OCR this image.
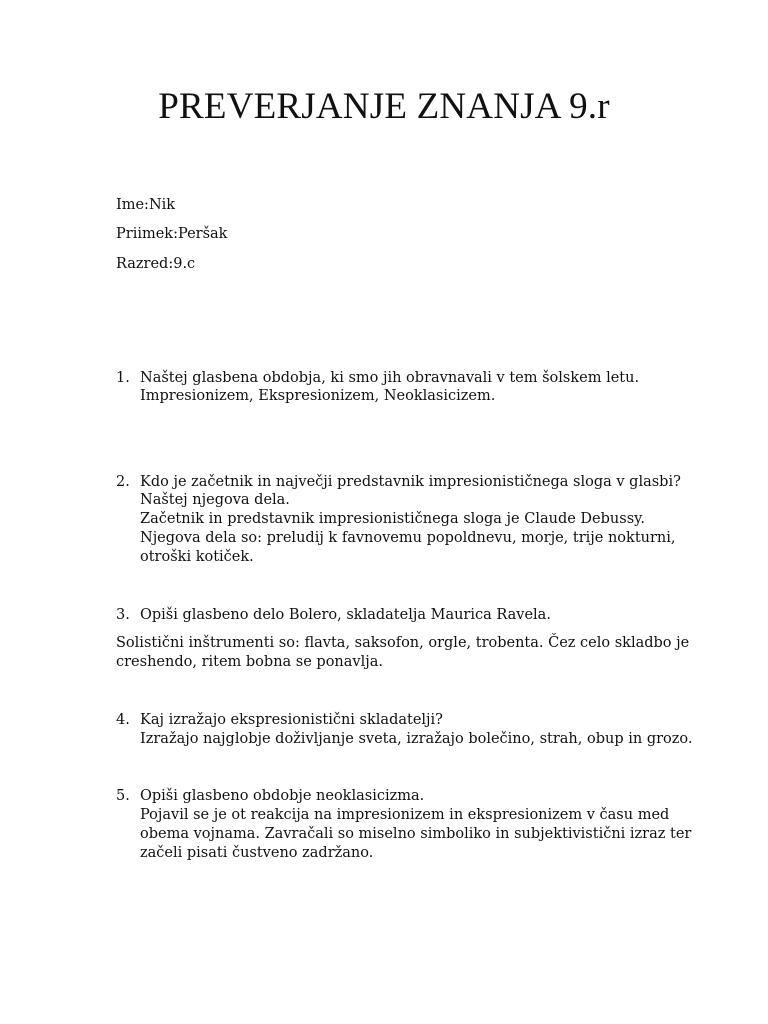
PREVERJANJE ZNANJA 9.r

Ime:Nik

Priimek:Peršak

Razred:9.c

1. Naštej glasbena obdobja, ki smo jih obravnavali v tem šolskem letu.

Impresionizem, Ekspresionizem, Neoklasicizem.

2. Kdo je začetnik in največji predstavnik impresionističnega sloga v glasbi?

Naštej njegova dela.

Začetnik in predstavnik impresionističnega sloga je Claude Debussy.

Njegova dela so: preludij k favnovemu popoldnevu, morje, trije nokturni,

otroški kotiček.

3. Opiši glasbeno delo Bolero, skladatelja Maurica Ravela.

Solistični inštrumenti so: flavta, saksofon, orgle, trobenta. Čez celo skladbo je

creshendo, ritem bobna se ponavlja.

4. Kaj izražajo ekspresionistični skladatelji?

Izražajo najglobje doživljanje sveta, izražajo bolečino, strah, obup in grozo.

5. Opiši glasbeno obdobje neoklasicizma.

Pojavil se je ot reakcija na impresionizem in ekspresionizem v času med

obema vojnama. Zavračali so miselno simboliko in subjektivistični izraz ter

začeli pisati čustveno zadržano.
